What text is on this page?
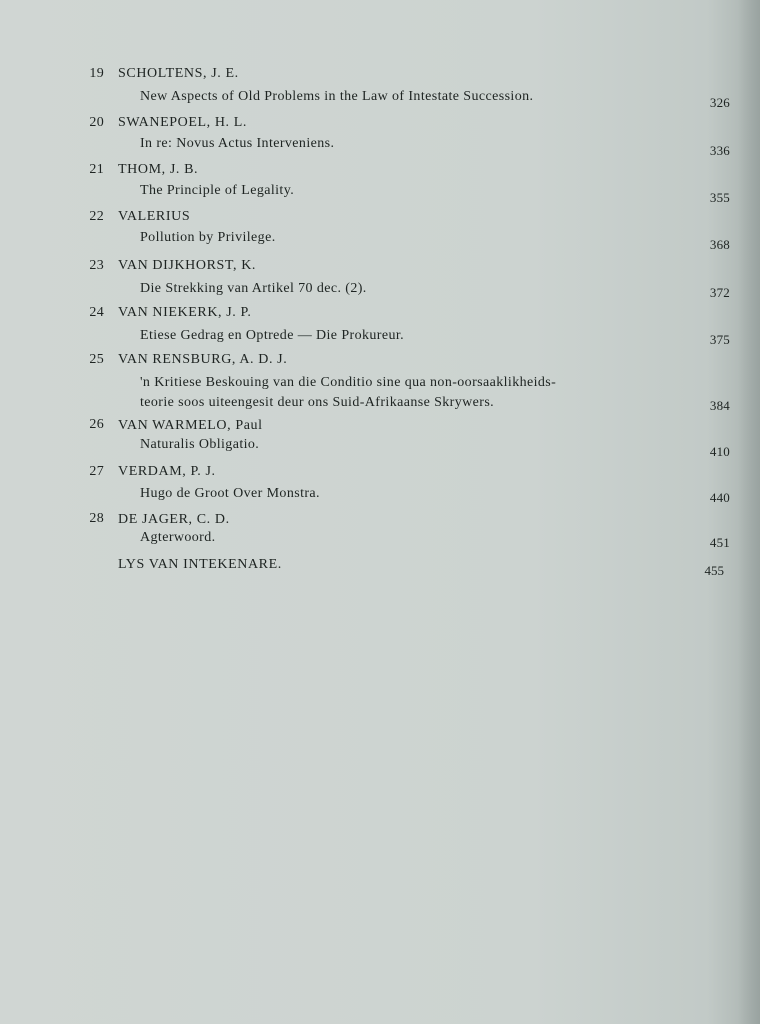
19 SCHOLTENS, J. E.
New Aspects of Old Problems in the Law of Intestate Succession.	326
20 SWANEPOEL, H. L.
In re: Novus Actus Interveniens.	336
21 THOM, J. B.
The Principle of Legality.	355
22 VALERIUS
Pollution by Privilege.	368
23 VAN DIJKHORST, K.
Die Strekking van Artikel 70 dec. (2).	372
24 VAN NIEKERK, J. P.
Etiese Gedrag en Optrede — Die Prokureur.	375
25 VAN RENSBURG, A. D. J.
'n Kritiese Beskouing van die Conditio sine qua non-oorsaaklikheids-
teorie soos uiteengesit deur ons Suid-Afrikaanse Skrywers.	384
26 VAN WARMELO, Paul
Naturalis Obligatio.	410
27 VERDAM, P. J.
Hugo de Groot Over Monstra.	440
28 DE JAGER, C. D.
Agterwoord.	451
LYS VAN INTEKENARE.	455
